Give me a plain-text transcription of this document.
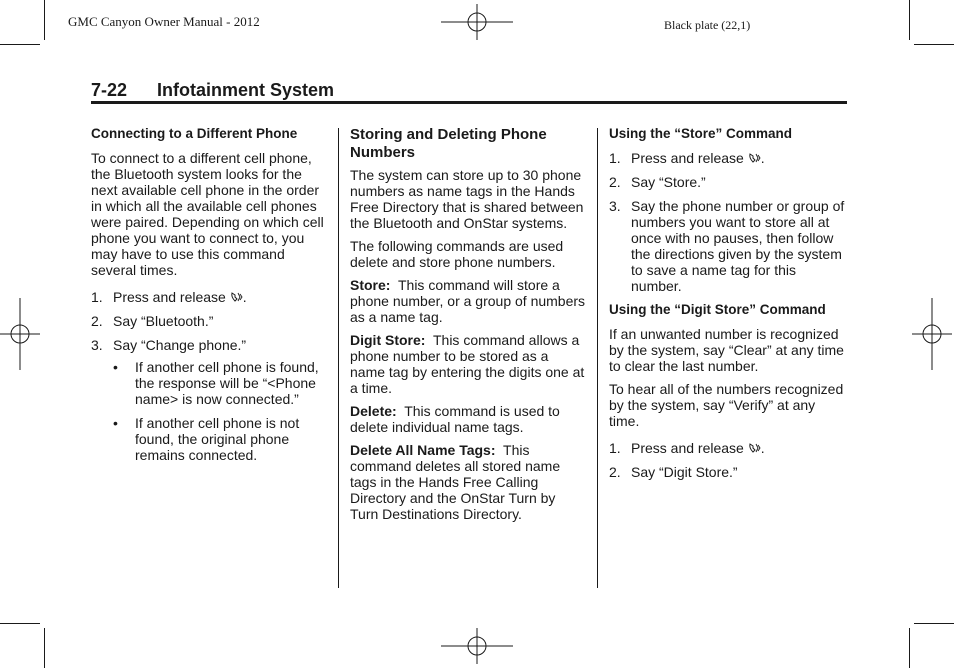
GMC Canyon Owner Manual - 2012	Black plate (22,1)
7-22 Infotainment System
Connecting to a Different Phone

To connect to a different cell phone, the Bluetooth system looks for the next available cell phone in the order in which all the available cell phones were paired. Depending on which cell phone you want to connect to, you may have to use this command several times.

1. Press and release .
2. Say “Bluetooth.”
3. Say “Change phone.”
•	If another cell phone is found, the response will be “<Phone name> is now connected.”
•	If another cell phone is not found, the original phone remains connected.
Storing and Deleting Phone Numbers

The system can store up to 30 phone numbers as name tags in the Hands Free Directory that is shared between the Bluetooth and OnStar systems.

The following commands are used delete and store phone numbers.

Store: This command will store a phone number, or a group of numbers as a name tag.

Digit Store: This command allows a phone number to be stored as a name tag by entering the digits one at a time.

Delete: This command is used to delete individual name tags.

Delete All Name Tags: This command deletes all stored name tags in the Hands Free Calling Directory and the OnStar Turn by Turn Destinations Directory.

Using the “Store” Command
1. Press and release .
2. Say “Store.”
3. Say the phone number or group of numbers you want to store all at once with no pauses, then follow the directions given by the system to save a name tag for this number.
Using the “Digit Store” Command

If an unwanted number is recognized by the system, say “Clear” at any time to clear the last number.

To hear all of the numbers recognized by the system, say “Verify” at any time.

1. Press and release .
2. Say “Digit Store.”
